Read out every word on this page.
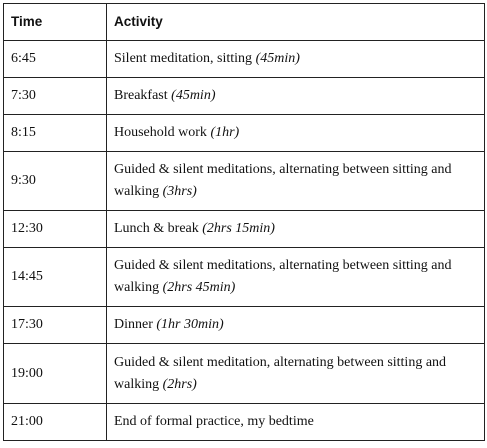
Time	Activity
6:45	Silent meditation, sitting (45min)
7:30	Breakfast (45min)
8:15	Household work (1hr)
9:30	Guided & silent meditations, alternating between sitting and walking (3hrs)
12:30	Lunch & break (2hrs 15min)
14:45	Guided & silent meditations, alternating between sitting and walking (2hrs 45min)
17:30	Dinner (1hr 30min)
19:00	Guided & silent meditation, alternating between sitting and walking (2hrs)
21:00	End of formal practice, my bedtime
